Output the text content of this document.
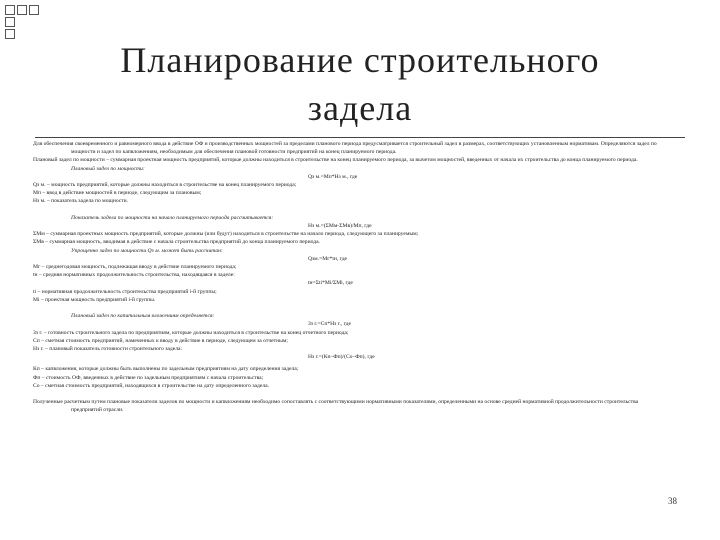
Планирование строительного
задела

Для обеспечения своевременного и равномерного ввода в действие ОФ и производственных мощностей за пределами планового периода предусматривается строительный задел в размерах, соответствующих установленным нормативам. Определяются задел по мощности и задел по капвложениям, необходимым для обеспечения плановой готовности предприятий на конец планируемого периода.

Плановый задел по мощности – суммарная проектная мощность предприятий, которые должны находиться в строительстве на конец планируемого периода, за вычетом мощностей, введенных от начала их строительства до конца планируемого периода.

Плановый задел по мощности:

Qз м.=Мп*Нз м., где

Qз м. – мощность предприятий, которые должны находиться в строительстве на конец планируемого периода;

Мп – ввод в действие мощностей в периоде, следующим за плановым;

Нз м. – показатель задела по мощности.

Показатель задела по мощности на начало планируемого периода рассчитывается:

Нз м.=(ΣМм-ΣМв)/Мп, где

ΣМм – суммарная проектных мощность предприятий, которые должны (или будут) находиться в строительстве на начало периода, следующего за планируемым;

ΣМв – суммарная мощность, вводимая в действие с начала строительства предприятий до конца планируемого периода.

Упрощенно задел по мощности Qз м. может быть рассчитан:

Qзм.=Мг*tн, где

Мг – среднегодовая мощность, подлежащая вводу в действие планируемого периода;

tн – средняя нормативных продолжительность строительства, находящаяся в заделе:

tн=Σti*Мi/ΣМi, где

ti – нормативная продолжительность строительства предприятий i-й группы;

Мi – проектная мощность предприятий i-й группы.

Плановый задел по капитальным вложениям определяется:

Зз г.=Сп*Нз г., где

Зз г. – готовность строительного задела по предприятиям, которые должны находиться в строительстве на конец отчетного периода;

Сп – сметная стоимость предприятий, намеченных к вводу в действие в периоде, следующем за отчетным;

Нз г. – плановый показатель готовности строительного задела:

Нз г.=(Кп–Фп)/(Со–Фп), где

Кп – капвложения, которые должны быть выполнены по задельным предприятиям на дату определения задела;

Фп – стоимость ОФ, введенных в действие по задельным предприятиям с начала строительства;

Со – сметная стоимость предприятий, находящихся в строительстве на дату определенного задела.

Полученные расчетным путем плановые показатели заделов по мощности и капвложениям необходимо сопоставлять с соответствующими нормативными показателями, определенными на основе средней нормативной продолжительности строительства предприятий отрасли.

38
